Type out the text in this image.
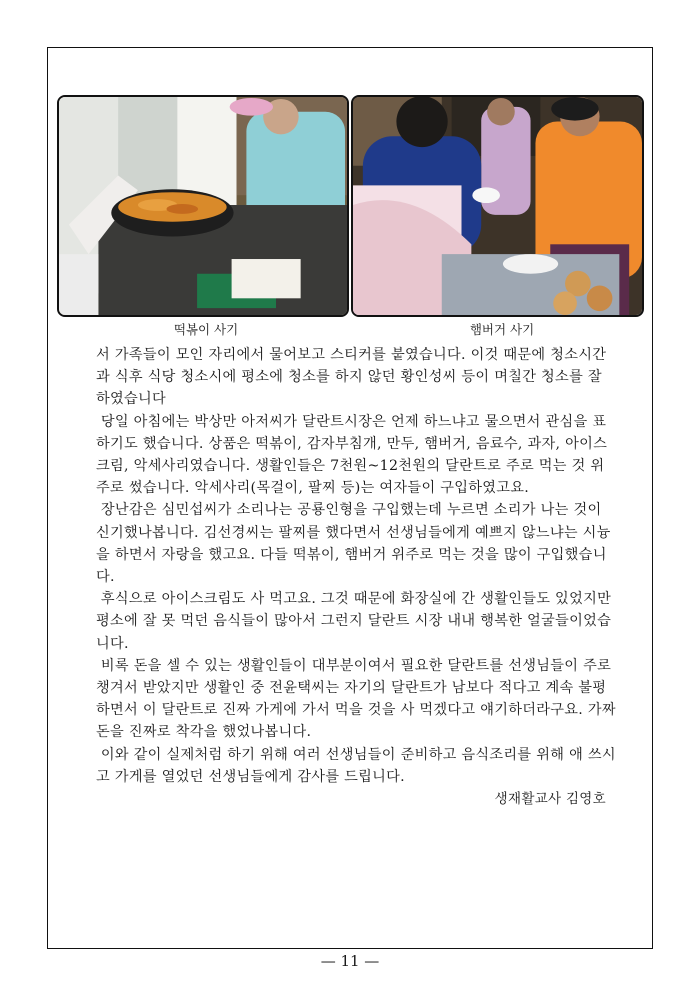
떡볶이 사기	햄버거 사기

서 가족들이 모인 자리에서 물어보고 스티커를 붙였습니다. 이것 때문에 청소시간과 식후 식당 청소시에 평소에 청소를 하지 않던 황인성씨 등이 며칠간 청소를 잘 하였습니다

당일 아침에는 박상만 아저씨가 달란트시장은 언제 하느냐고 물으면서 관심을 표하기도 했습니다. 상품은 떡볶이, 감자부침개, 만두, 햄버거, 음료수, 과자, 아이스크림, 악세사리였습니다. 생활인들은 7천원~12천원의 달란트로 주로 먹는 것 위주로 썼습니다. 악세사리(목걸이, 팔찌 등)는 여자들이 구입하였고요.

장난감은 심민섭씨가 소리나는 공룡인형을 구입했는데 누르면 소리가 나는 것이 신기했나봅니다. 김선경씨는 팔찌를 했다면서 선생님들에게 예쁘지 않느냐는 시늉을 하면서 자랑을 했고요. 다들 떡볶이, 햄버거 위주로 먹는 것을 많이 구입했습니다.

후식으로 아이스크림도 사 먹고요. 그것 때문에 화장실에 간 생활인들도 있었지만 평소에 잘 못 먹던 음식들이 많아서 그런지 달란트 시장 내내 행복한 얼굴들이었습니다.

비록 돈을 셀 수 있는 생활인들이 대부분이여서 필요한 달란트를 선생님들이 주로 챙겨서 받았지만 생활인 중 전윤택씨는 자기의 달란트가 남보다 적다고 계속 불평하면서 이 달란트로 진짜 가게에 가서 먹을 것을 사 먹겠다고 얘기하더라구요. 가짜 돈을 진짜로 착각을 했었나봅니다.

이와 같이 실제처럼 하기 위해 여러 선생님들이 준비하고 음식조리를 위해 애 쓰시고 가게를 열었던 선생님들에게 감사를 드립니다.

생재활교사 김영호

— 11 —
